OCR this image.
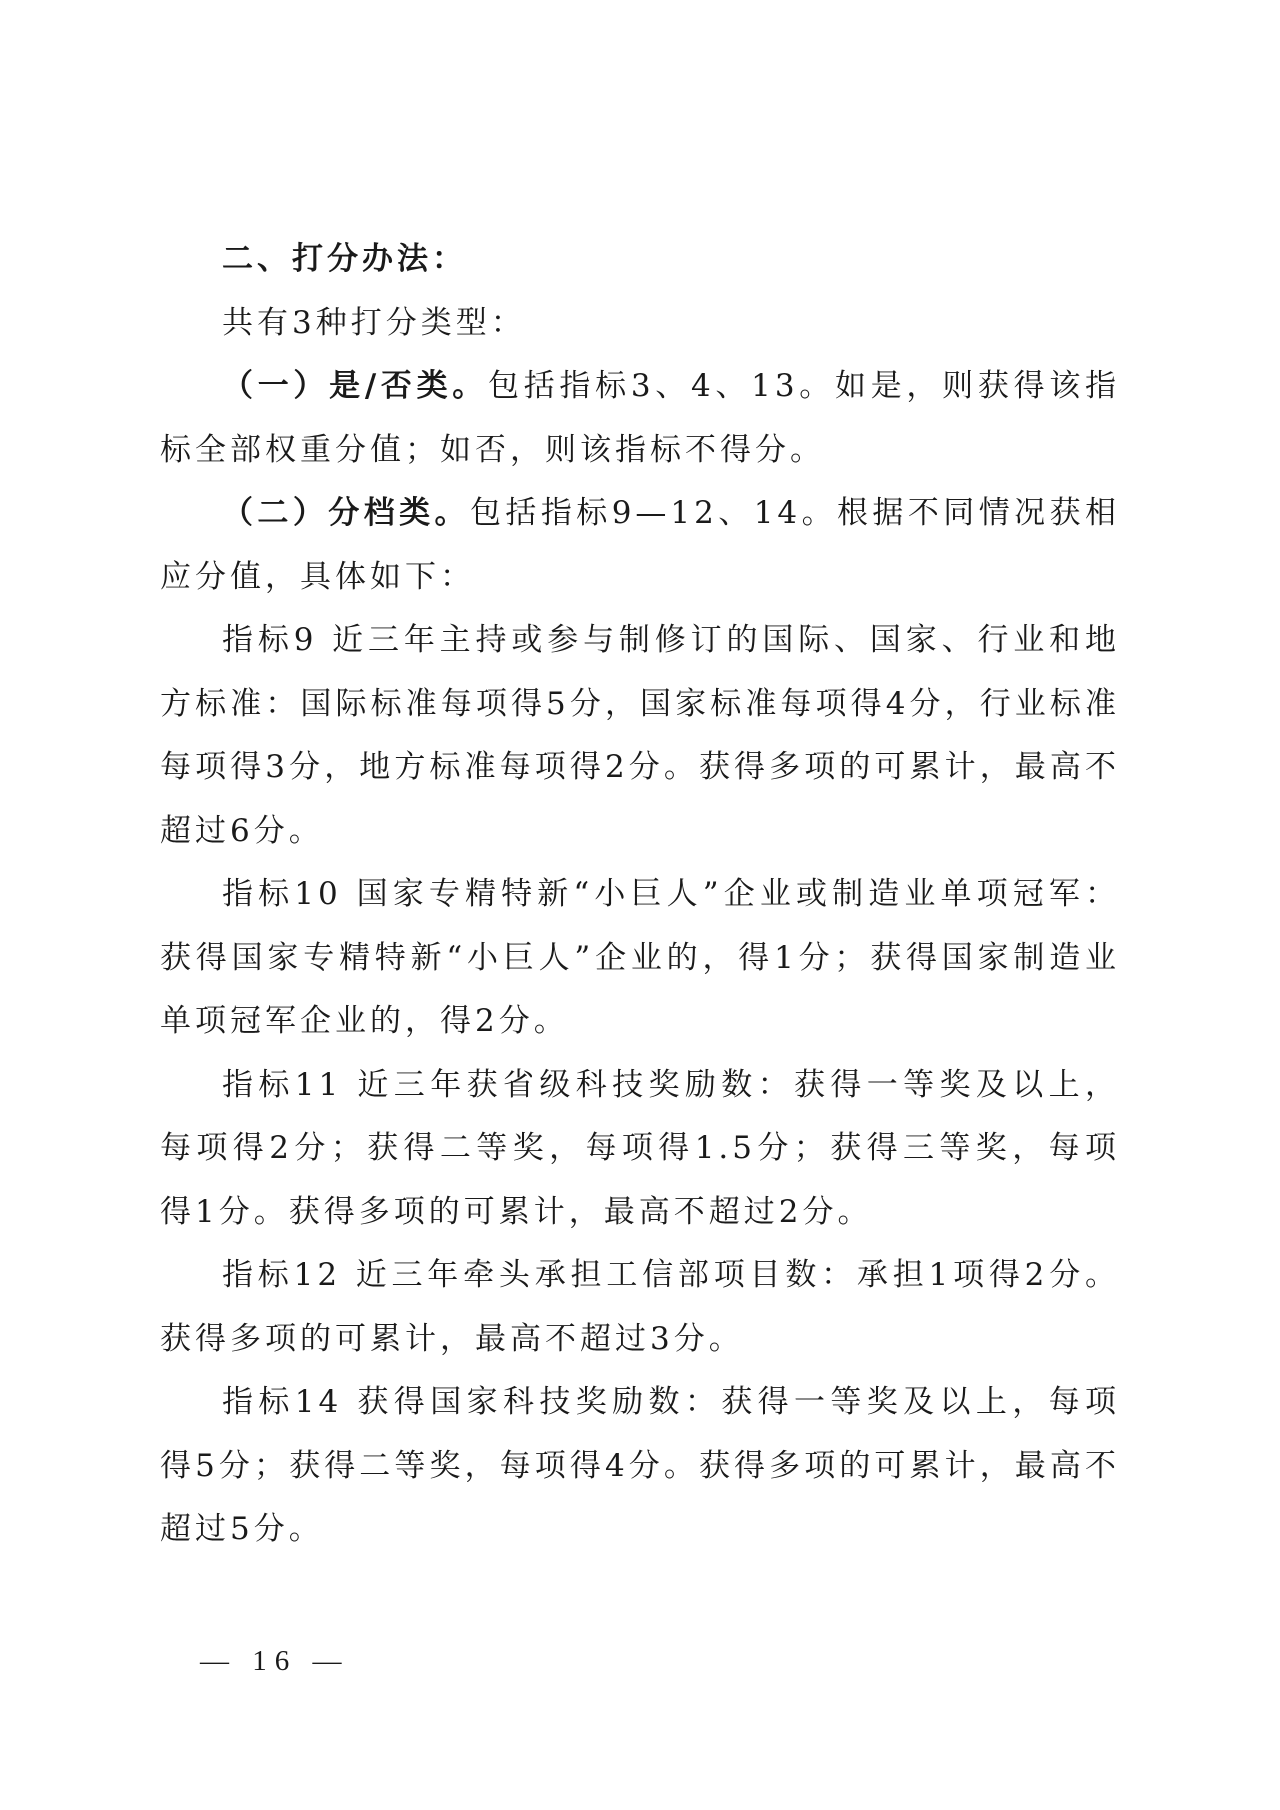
二、打分办法：

共有3种打分类型：

（一）是/否类。包括指标3、4、13。如是，则获得该指标全部权重分值；如否，则该指标不得分。

（二）分档类。包括指标9—12、14。根据不同情况获相应分值，具体如下：

指标9 近三年主持或参与制修订的国际、国家、行业和地方标准：国际标准每项得5分，国家标准每项得4分，行业标准每项得3分，地方标准每项得2分。获得多项的可累计，最高不超过6分。

指标10 国家专精特新“小巨人”企业或制造业单项冠军：获得国家专精特新“小巨人”企业的，得1分；获得国家制造业单项冠军企业的，得2分。

指标11 近三年获省级科技奖励数：获得一等奖及以上，每项得2分；获得二等奖，每项得1.5分；获得三等奖，每项得1分。获得多项的可累计，最高不超过2分。

指标12 近三年牵头承担工信部项目数：承担1项得2分。获得多项的可累计，最高不超过3分。

指标14 获得国家科技奖励数：获得一等奖及以上，每项得5分；获得二等奖，每项得4分。获得多项的可累计，最高不超过5分。

— 16 —
